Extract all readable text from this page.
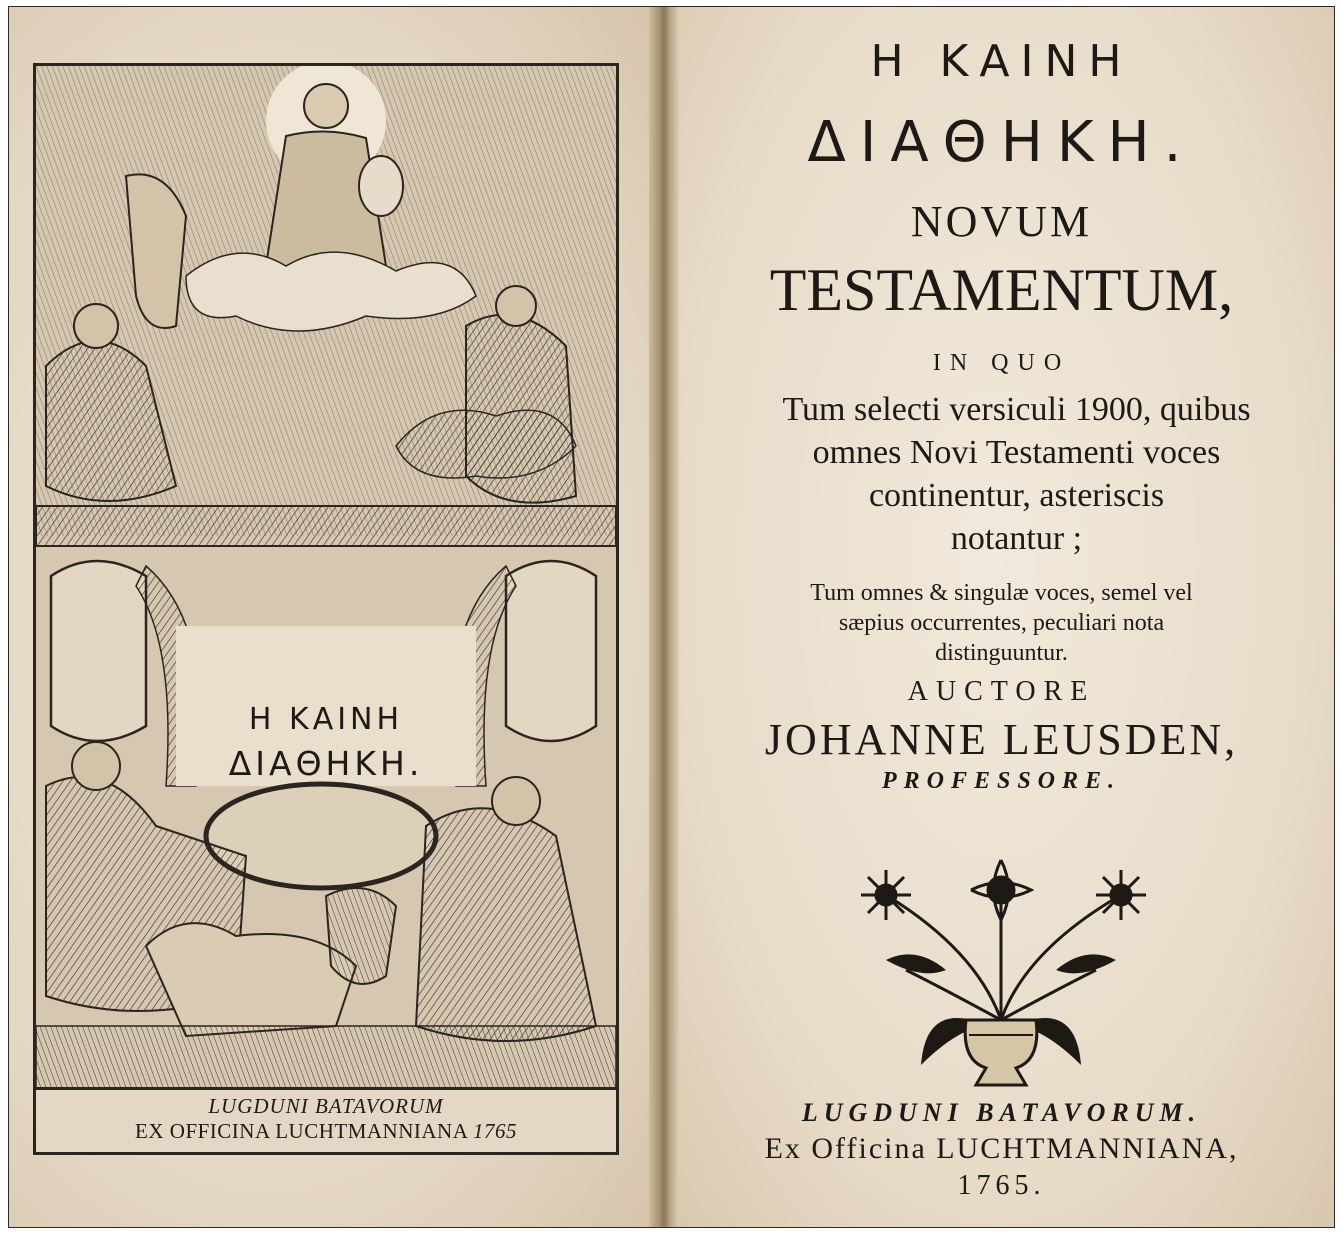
Η ΚΑΙΝΗ
ΔΙΑΘΗΚΗ.
LUGDUNI BATAVORUM
EX OFFICINA LUCHTMANNIANA 1765
Η ΚΑΙΝΗ
ΔΙΑΘΗΚΗ.
NOVUM
TESTAMENTUM,
IN QUO
Tum selecti versiculi 1900, quibus
omnes Novi Testamenti voces
continentur, asteriscis
notantur ;
Tum omnes & singulæ voces, semel vel
sæpius occurrentes, peculiari nota
distinguuntur.
AUCTORE
JOHANNE LEUSDEN,
PROFESSORE.
LUGDUNI BATAVORUM.
Ex Officina LUCHTMANNIANA,
1765.
